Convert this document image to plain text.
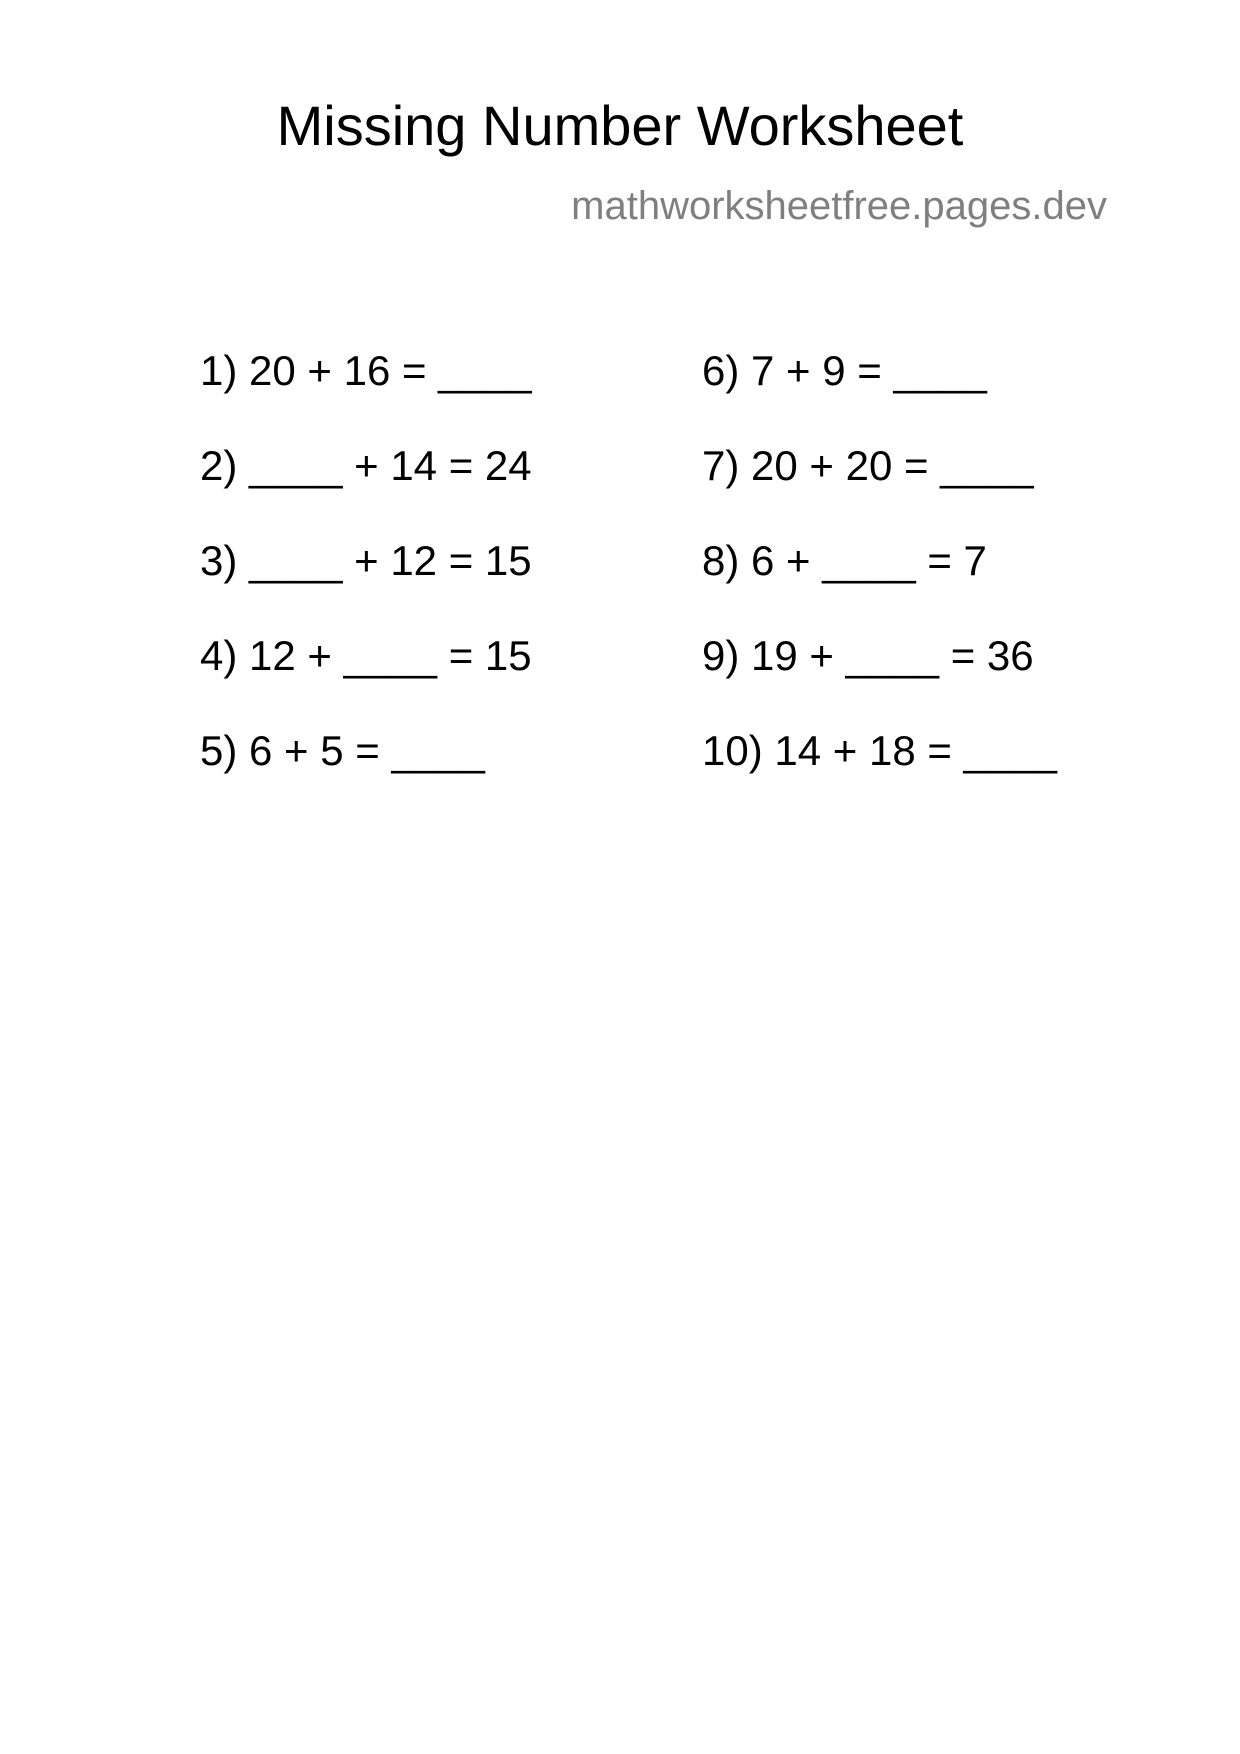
Missing Number Worksheet
mathworksheetfree.pages.dev
1) 20 + 16 = ____
2) ____ + 14 = 24
3) ____ + 12 = 15
4) 12 + ____ = 15
5) 6 + 5 = ____
6) 7 + 9 = ____
7) 20 + 20 = ____
8) 6 + ____ = 7
9) 19 + ____ = 36
10) 14 + 18 = ____
